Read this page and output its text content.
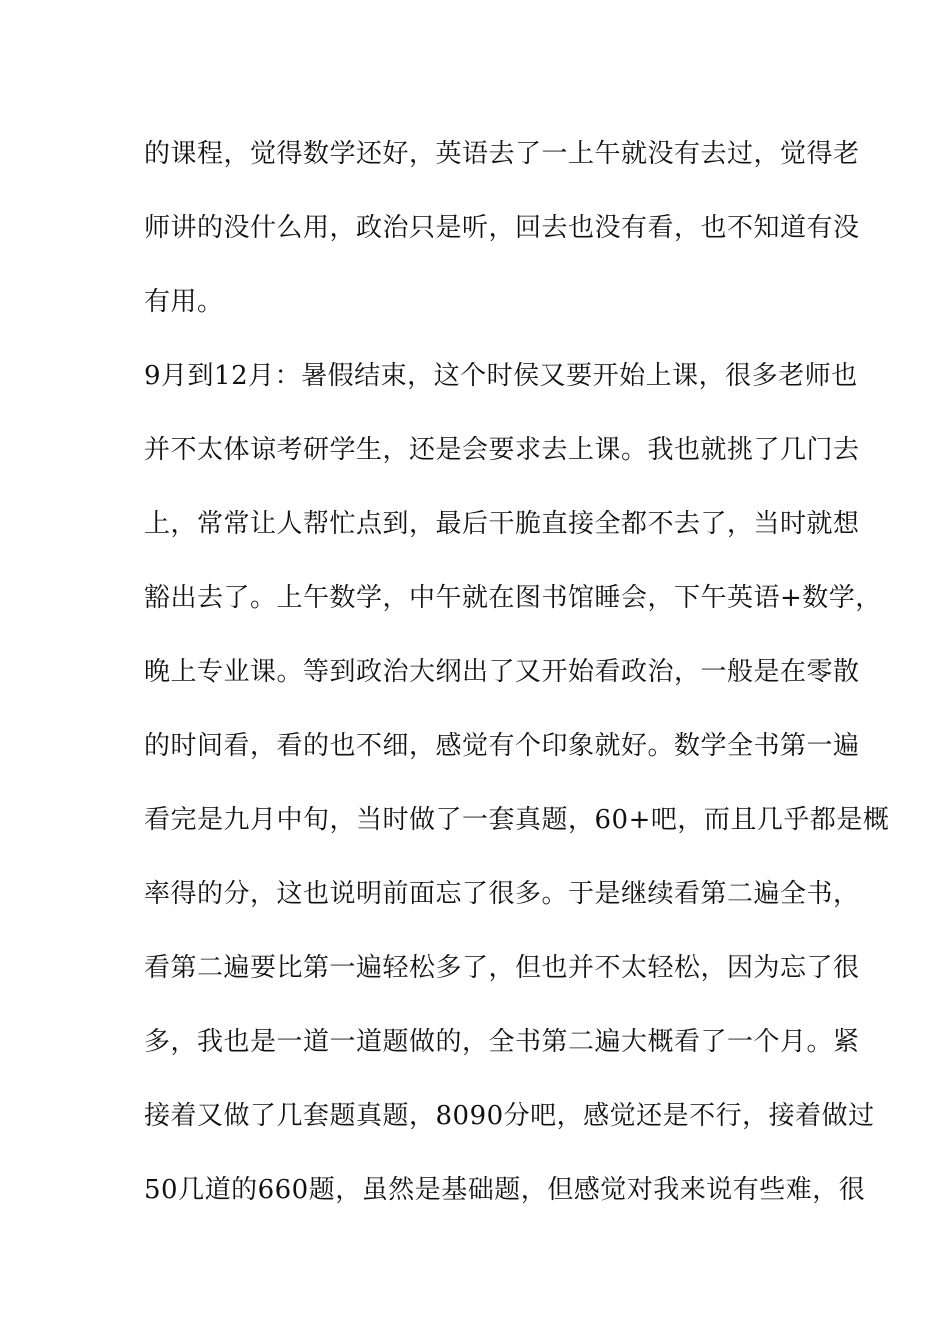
的课程，觉得数学还好，英语去了一上午就没有去过，觉得老
师讲的没什么用，政治只是听，回去也没有看，也不知道有没
有用。
9月到12月：暑假结束，这个时侯又要开始上课，很多老师也
并不太体谅考研学生，还是会要求去上课。我也就挑了几门去
上，常常让人帮忙点到，最后干脆直接全都不去了，当时就想
豁出去了。上午数学，中午就在图书馆睡会，下午英语+数学，
晚上专业课。等到政治大纲出了又开始看政治，一般是在零散
的时间看，看的也不细，感觉有个印象就好。数学全书第一遍
看完是九月中旬，当时做了一套真题，60+吧，而且几乎都是概
率得的分，这也说明前面忘了很多。于是继续看第二遍全书，
看第二遍要比第一遍轻松多了，但也并不太轻松，因为忘了很
多，我也是一道一道题做的，全书第二遍大概看了一个月。紧
接着又做了几套题真题，8090分吧，感觉还是不行，接着做过
50几道的660题，虽然是基础题，但感觉对我来说有些难，很
